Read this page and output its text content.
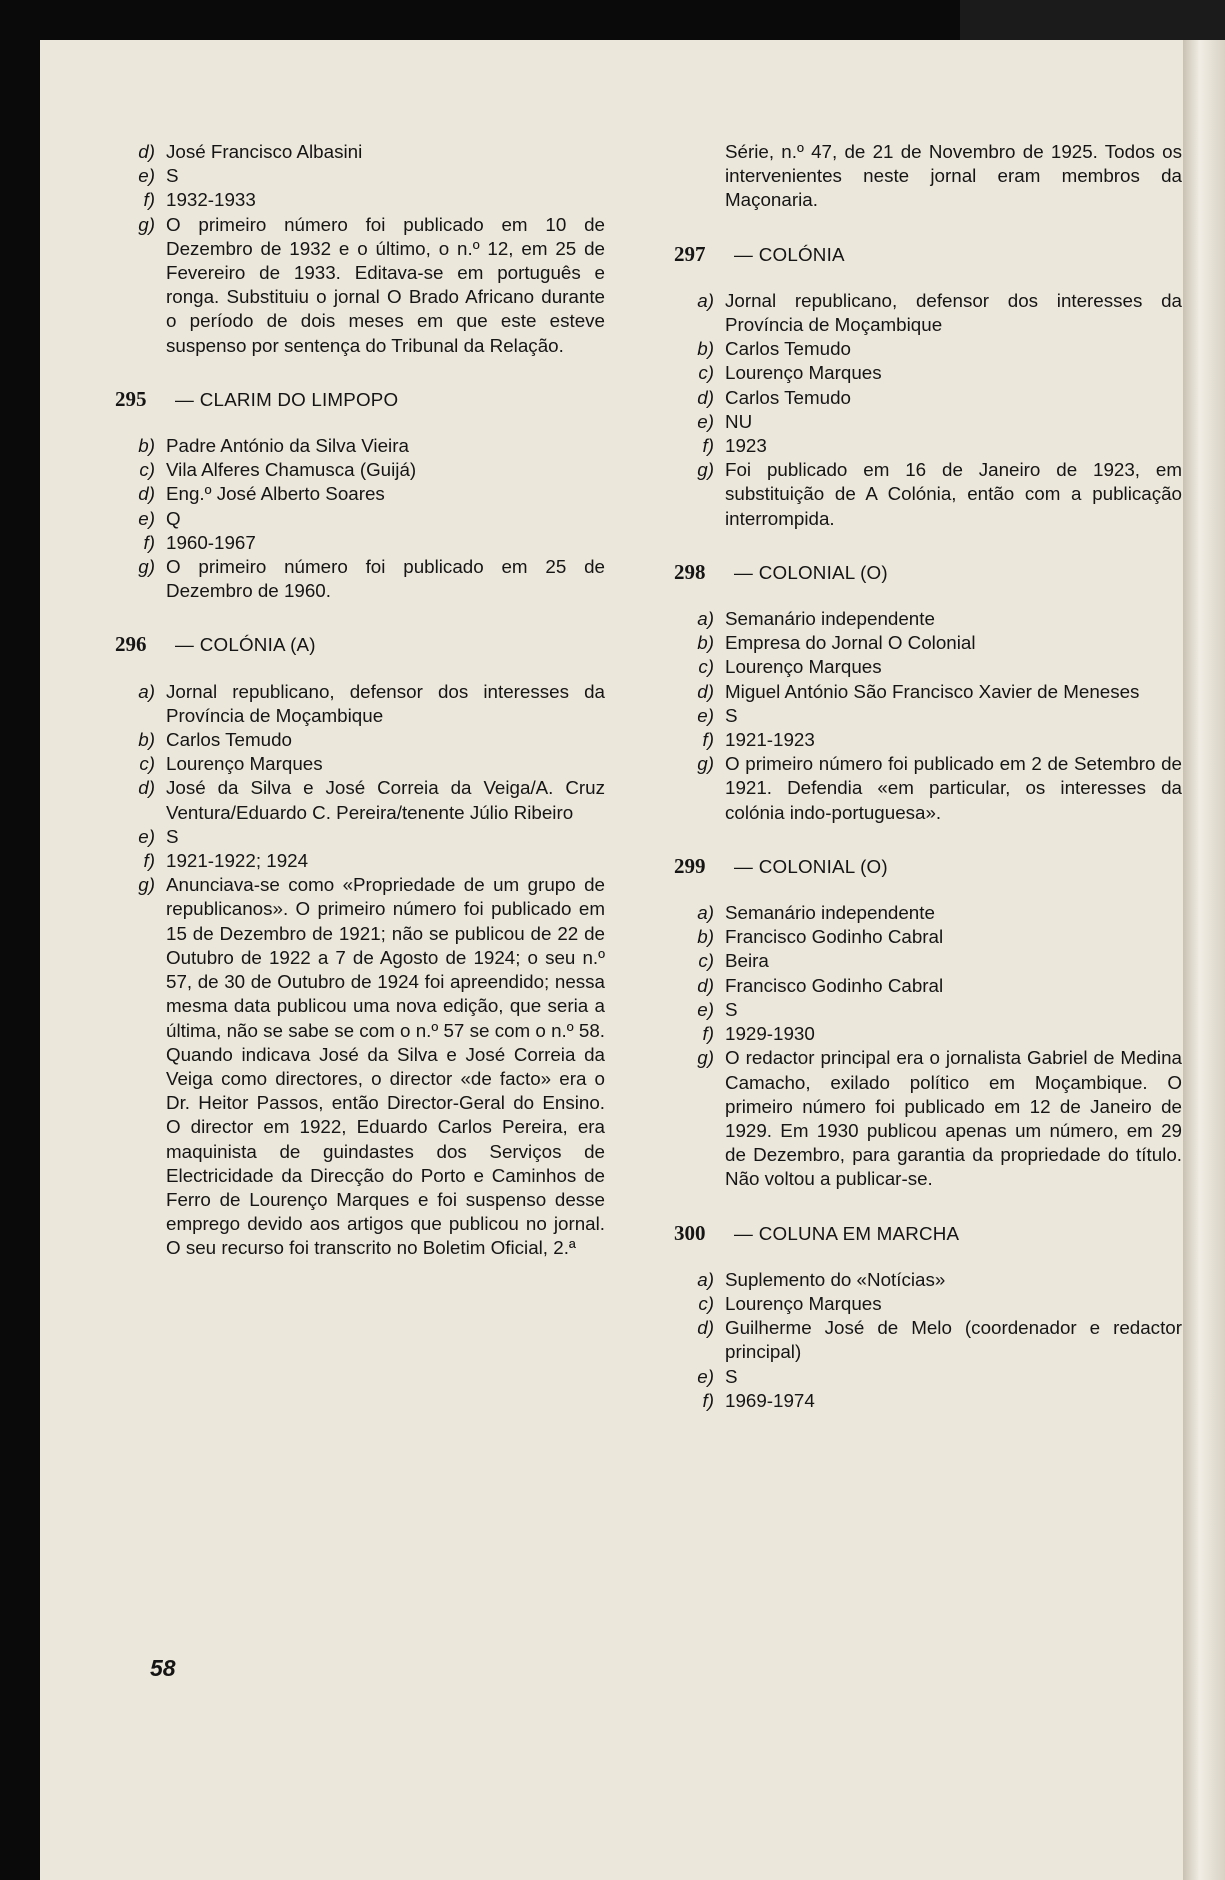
d) José Francisco Albasini
e) S
f) 1932-1933
g) O primeiro número foi publicado em 10 de Dezembro de 1932 e o último, o n.º 12, em 25 de Fevereiro de 1933. Editava-se em português e ronga. Substituiu o jornal O Brado Africano durante o período de dois meses em que este esteve suspenso por sentença do Tribunal da Relação.
295	— CLARIM DO LIMPOPO
b) Padre António da Silva Vieira
c) Vila Alferes Chamusca (Guijá)
d) Eng.º José Alberto Soares
e) Q
f) 1960-1967
g) O primeiro número foi publicado em 25 de Dezembro de 1960.
296	— COLÓNIA (A)
a) Jornal republicano, defensor dos interesses da Província de Moçambique
b) Carlos Temudo
c) Lourenço Marques
d) José da Silva e José Correia da Veiga/A. Cruz Ventura/Eduardo C. Pereira/tenente Júlio Ribeiro
e) S
f) 1921-1922; 1924
g) Anunciava-se como «Propriedade de um grupo de republicanos». O primeiro número foi publicado em 15 de Dezembro de 1921; não se publicou de 22 de Outubro de 1922 a 7 de Agosto de 1924; o seu n.º 57, de 30 de Outubro de 1924 foi apreendido; nessa mesma data publicou uma nova edição, que seria a última, não se sabe se com o n.º 57 se com o n.º 58. Quando indicava José da Silva e José Correia da Veiga como directores, o director «de facto» era o Dr. Heitor Passos, então Director-Geral do Ensino. O director em 1922, Eduardo Carlos Pereira, era maquinista de guindastes dos Serviços de Electricidade da Direcção do Porto e Caminhos de Ferro de Lourenço Marques e foi suspenso desse emprego devido aos artigos que publicou no jornal. O seu recurso foi transcrito no Boletim Oficial, 2.ª
Série, n.º 47, de 21 de Novembro de 1925. Todos os intervenientes neste jornal eram membros da Maçonaria.
297	— COLÓNIA
a) Jornal republicano, defensor dos interesses da Província de Moçambique
b) Carlos Temudo
c) Lourenço Marques
d) Carlos Temudo
e) NU
f) 1923
g) Foi publicado em 16 de Janeiro de 1923, em substituição de A Colónia, então com a publicação interrompida.
298	— COLONIAL (O)
a) Semanário independente
b) Empresa do Jornal O Colonial
c) Lourenço Marques
d) Miguel António São Francisco Xavier de Meneses
e) S
f) 1921-1923
g) O primeiro número foi publicado em 2 de Setembro de 1921. Defendia «em particular, os interesses da colónia indo-portuguesa».
299	— COLONIAL (O)
a) Semanário independente
b) Francisco Godinho Cabral
c) Beira
d) Francisco Godinho Cabral
e) S
f) 1929-1930
g) O redactor principal era o jornalista Gabriel de Medina Camacho, exilado político em Moçambique. O primeiro número foi publicado em 12 de Janeiro de 1929. Em 1930 publicou apenas um número, em 29 de Dezembro, para garantia da propriedade do título. Não voltou a publicar-se.
300	— COLUNA EM MARCHA
a) Suplemento do «Notícias»
c) Lourenço Marques
d) Guilherme José de Melo (coordenador e redactor principal)
e) S
f) 1969-1974
58
